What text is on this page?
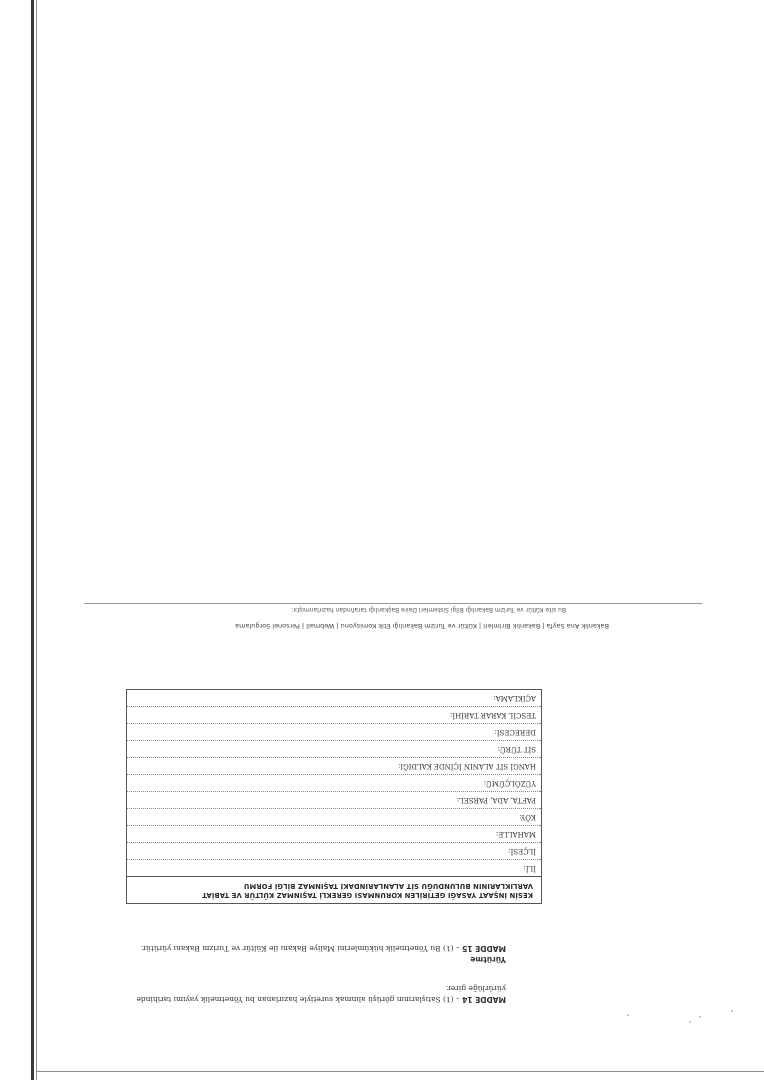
Bakanlık Ana Sayfa | Bakanlık Birimleri | Kültür ve Turizm Bakanlığı Etik Komisyonu | Webmail | Personel Sorgulama
Bu site Kültür ve Turizm Bakanlığı Bilgi Sistemleri Daire Başkanlığı tarafından hazırlanmıştır.
KESİN İNŞAAT YASAĞI GETİRİLEN KORUNMASI GEREKLİ TAŞINMAZ KÜLTÜR VE TABİAT
VARLIKLARININ BULUNDUĞU SİT ALANLARINDAKİ TAŞINMAZ BİLGİ FORMU
İLİ:
İLÇESİ:
MAHALLE:
KÖY:
PAFTA, ADA, PARSEL:
YÜZÖLÇÜMÜ:
HANGİ SİT ALANIN İÇİNDE KALDIĞI:
SİT TÜRÜ:
DERECESİ:
TESCİL KARAR TARİHİ:
AÇIKLAMA:
Yürütme
MADDE 15 – (1) Bu Yönetmelik hükümlerini Maliye Bakanı ile Kültür ve Turizm Bakanı yürütür.
MADDE 14 – (1) Satışlarının görüşü alınmak suretiyle hazırlanan bu Yönetmelik yayımı tarihinde
yürürlüğe girer.
